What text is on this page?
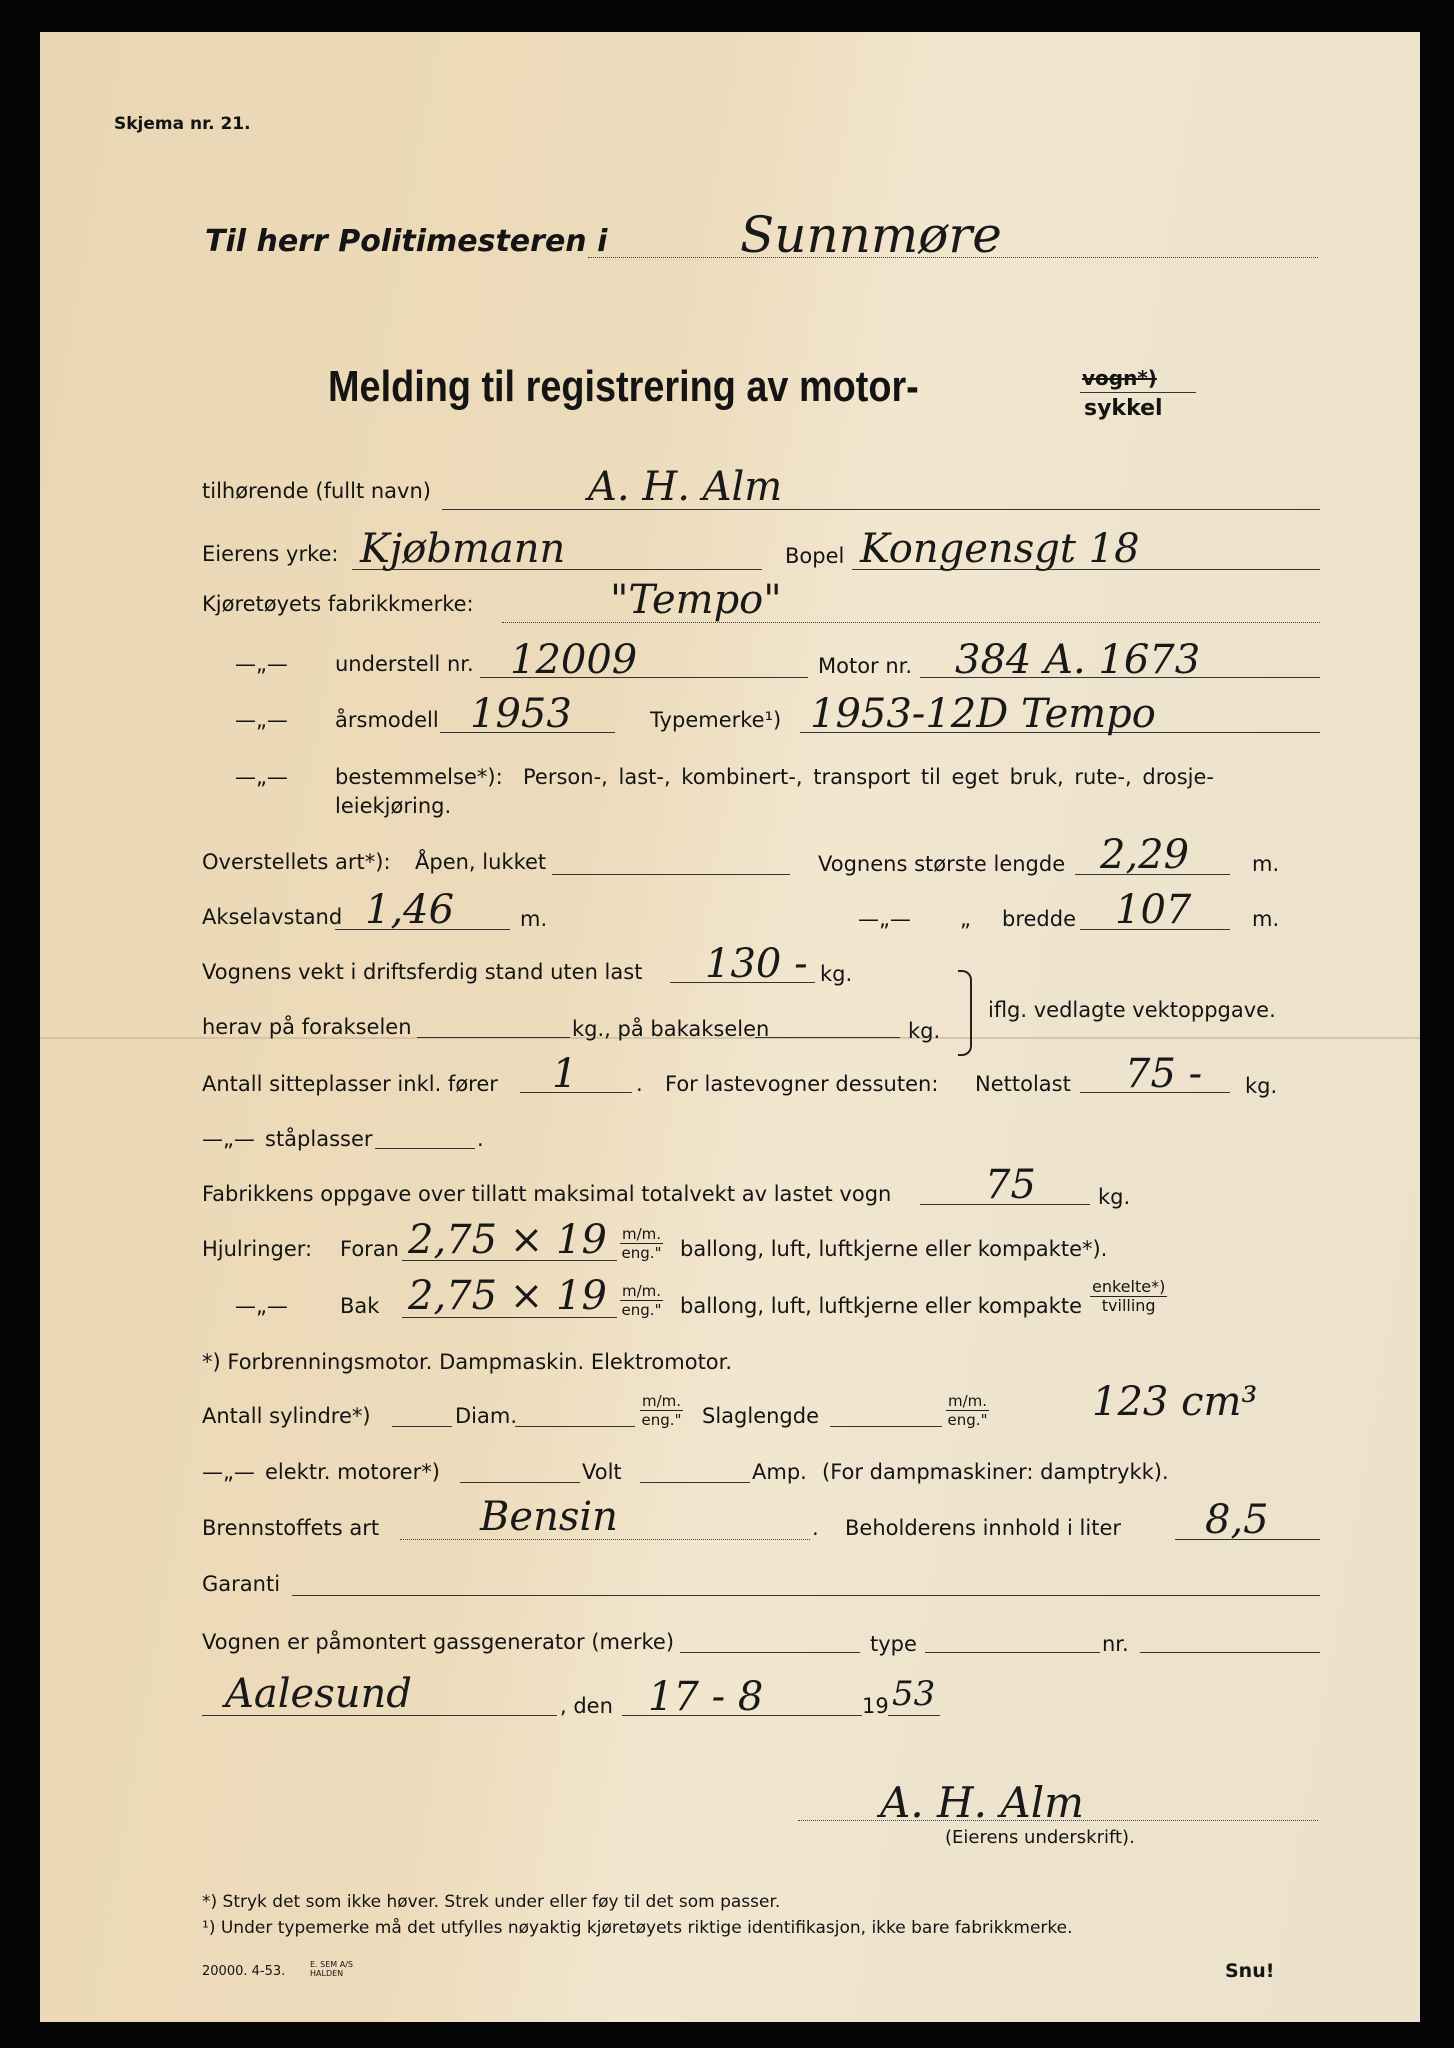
Skjema nr. 21.
Til herr Politimesteren i	Sunnmøre
Melding til registrering av motor-	vogn*)
sykkel
tilhørende (fullt navn)	A. H. Alm
Eierens yrke: Kjøbmann	Bopel Kongensgt 18
Kjøretøyets fabrikkmerke:	"Tempo"
—„— understell nr. 12009	Motor nr. 384 A. 1673
—„— årsmodell 1953	Typemerke¹) 1953-12D Tempo
—„— bestemmelse*): Person-, last-, kombinert-, transport til eget bruk, rute-, drosje-
leiekjøring.
Overstellets art*): Åpen, lukket	Vognens største lengde 2,29	m.
Akselavstand 1,46	m.	—„— „ bredde 107	m.
Vognens vekt i driftsferdig stand uten last 130 - kg.
herav på forakselen	kg., på bakakselen	kg.
iflg. vedlagte vektoppgave.
Antall sitteplasser inkl. fører 1	. For lastevogner dessuten: Nettolast 75 - kg.
—„— ståplasser	.
Fabrikkens oppgave over tillatt maksimal totalvekt av lastet vogn 75	kg.
Hjulringer: Foran 2,75 × 19 m/m.
eng." ballong, luft, luftkjerne eller kompakte*).
—„— Bak 2,75 × 19 m/m.
eng." ballong, luft, luftkjerne eller kompakte
enkelte*)
tvilling
*) Forbrenningsmotor. Dampmaskin. Elektromotor.
Antall sylindre*)	Diam.
m/m.
eng." Slaglengde
m/m.
eng."	123 cm³
—„— elektr. motorer*)	Volt	Amp. (For dampmaskiner: damptrykk).
Brennstoffets art	Bensin	. Beholderens innhold i liter 8,5
Garanti
Vognen er påmontert gassgenerator (merke)	type	nr.
Aalesund	, den 17 - 8	19 53
A. H. Alm
(Eierens underskrift).
*) Stryk det som ikke høver. Strek under eller føy til det som passer.
¹) Under typemerke må det utfylles nøyaktig kjøretøyets riktige identifikasjon, ikke bare fabrikkmerke.
20000. 4-53.	E. SEM A/S HALDEN	Snu!
